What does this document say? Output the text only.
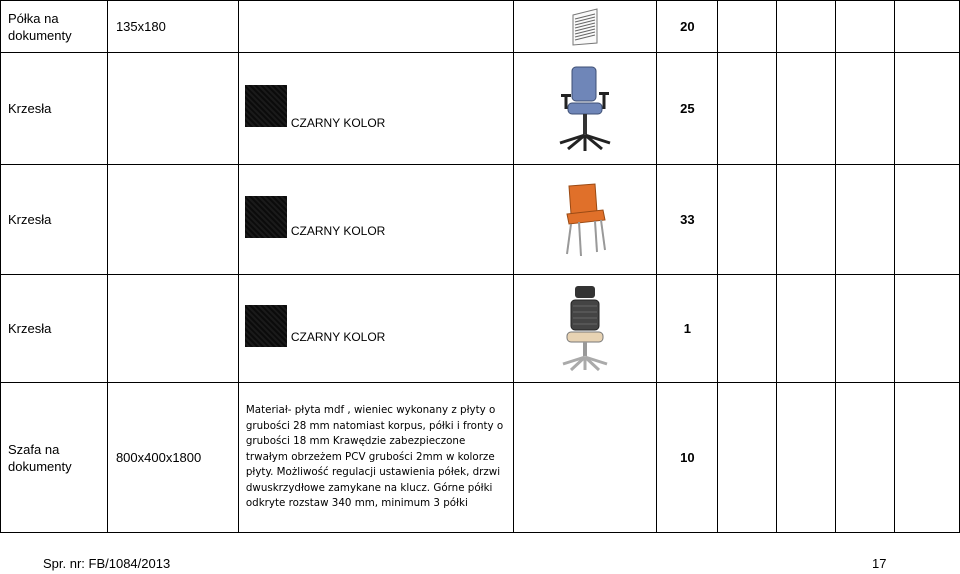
Półka na dokumenty	135x180			20				
Krzesła		CZARNY KOLOR		25				
Krzesła		CZARNY KOLOR		33				
Krzesła		CZARNY KOLOR		1				
Szafa na dokumenty	800x400x1800	Materiał- płyta mdf , wieniec wykonany z płyty o grubości 28 mm natomiast korpus, półki i fronty o grubości 18 mm Krawędzie zabezpieczone trwałym obrzeżem PCV grubości 2mm w kolorze płyty. Możliwość regulacji ustawienia półek, drzwi dwuskrzydłowe zamykane na klucz. Górne półki odkryte rozstaw 340 mm, minimum 3 półki		10				
Spr. nr: FB/1084/2013	17
